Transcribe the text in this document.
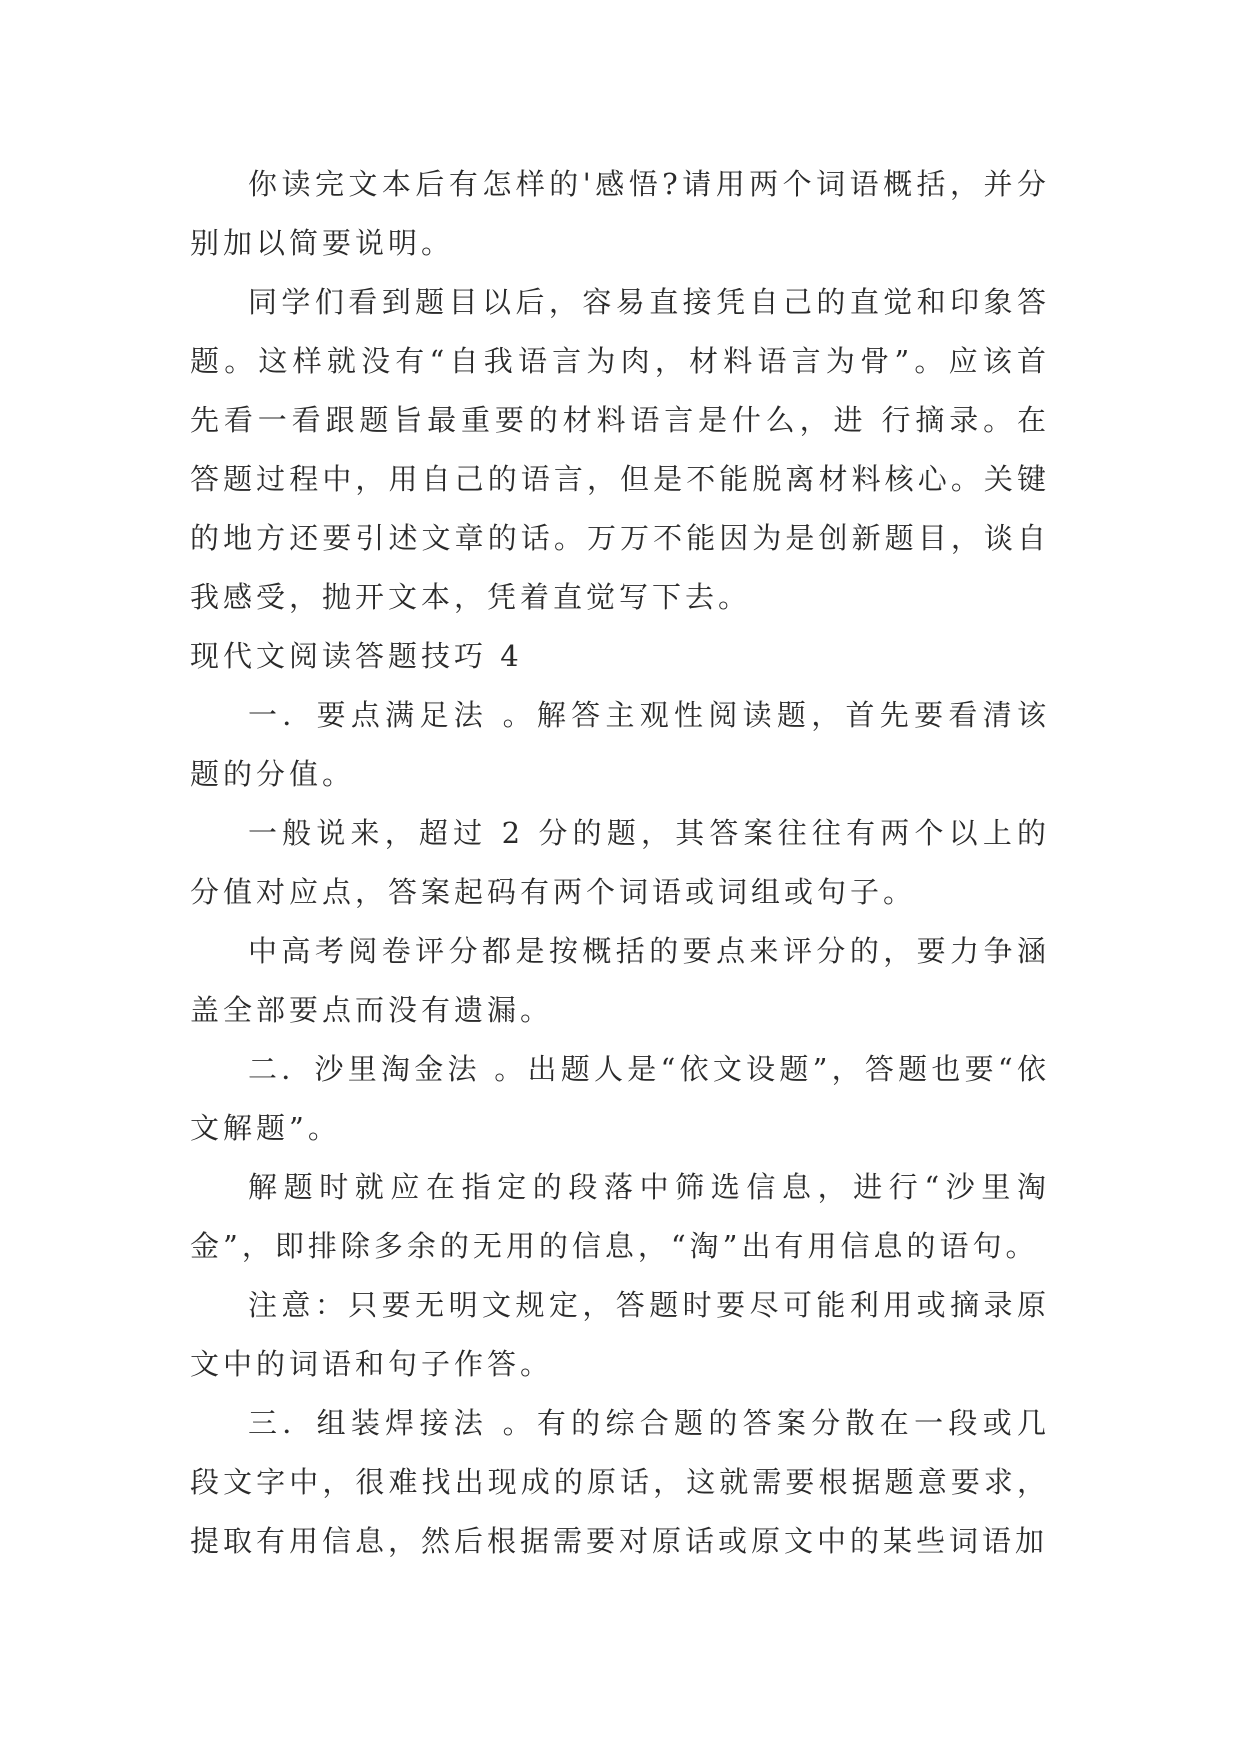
你读完文本后有怎样的'感悟?请用两个词语概括，并分别加以简要说明。

同学们看到题目以后，容易直接凭自己的直觉和印象答题。这样就没有“自我语言为肉，材料语言为骨”。应该首先看一看跟题旨最重要的材料语言是什么，进 行摘录。在答题过程中，用自己的语言，但是不能脱离材料核心。关键的地方还要引述文章的话。万万不能因为是创新题目，谈自我感受，抛开文本，凭着直觉写下去。

现代文阅读答题技巧 4

一．要点满足法 。解答主观性阅读题，首先要看清该题的分值。

一般说来，超过 2 分的题，其答案往往有两个以上的分值对应点，答案起码有两个词语或词组或句子。

中高考阅卷评分都是按概括的要点来评分的，要力争涵盖全部要点而没有遗漏。

二．沙里淘金法 。出题人是“依文设题”，答题也要“依文解题”。

解题时就应在指定的段落中筛选信息，进行“沙里淘金”，即排除多余的无用的信息，“淘”出有用信息的语句。

注意：只要无明文规定，答题时要尽可能利用或摘录原文中的词语和句子作答。

三．组装焊接法 。有的综合题的答案分散在一段或几段文字中，很难找出现成的原话，这就需要根据题意要求，提取有用信息，然后根据需要对原话或原文中的某些词语加
